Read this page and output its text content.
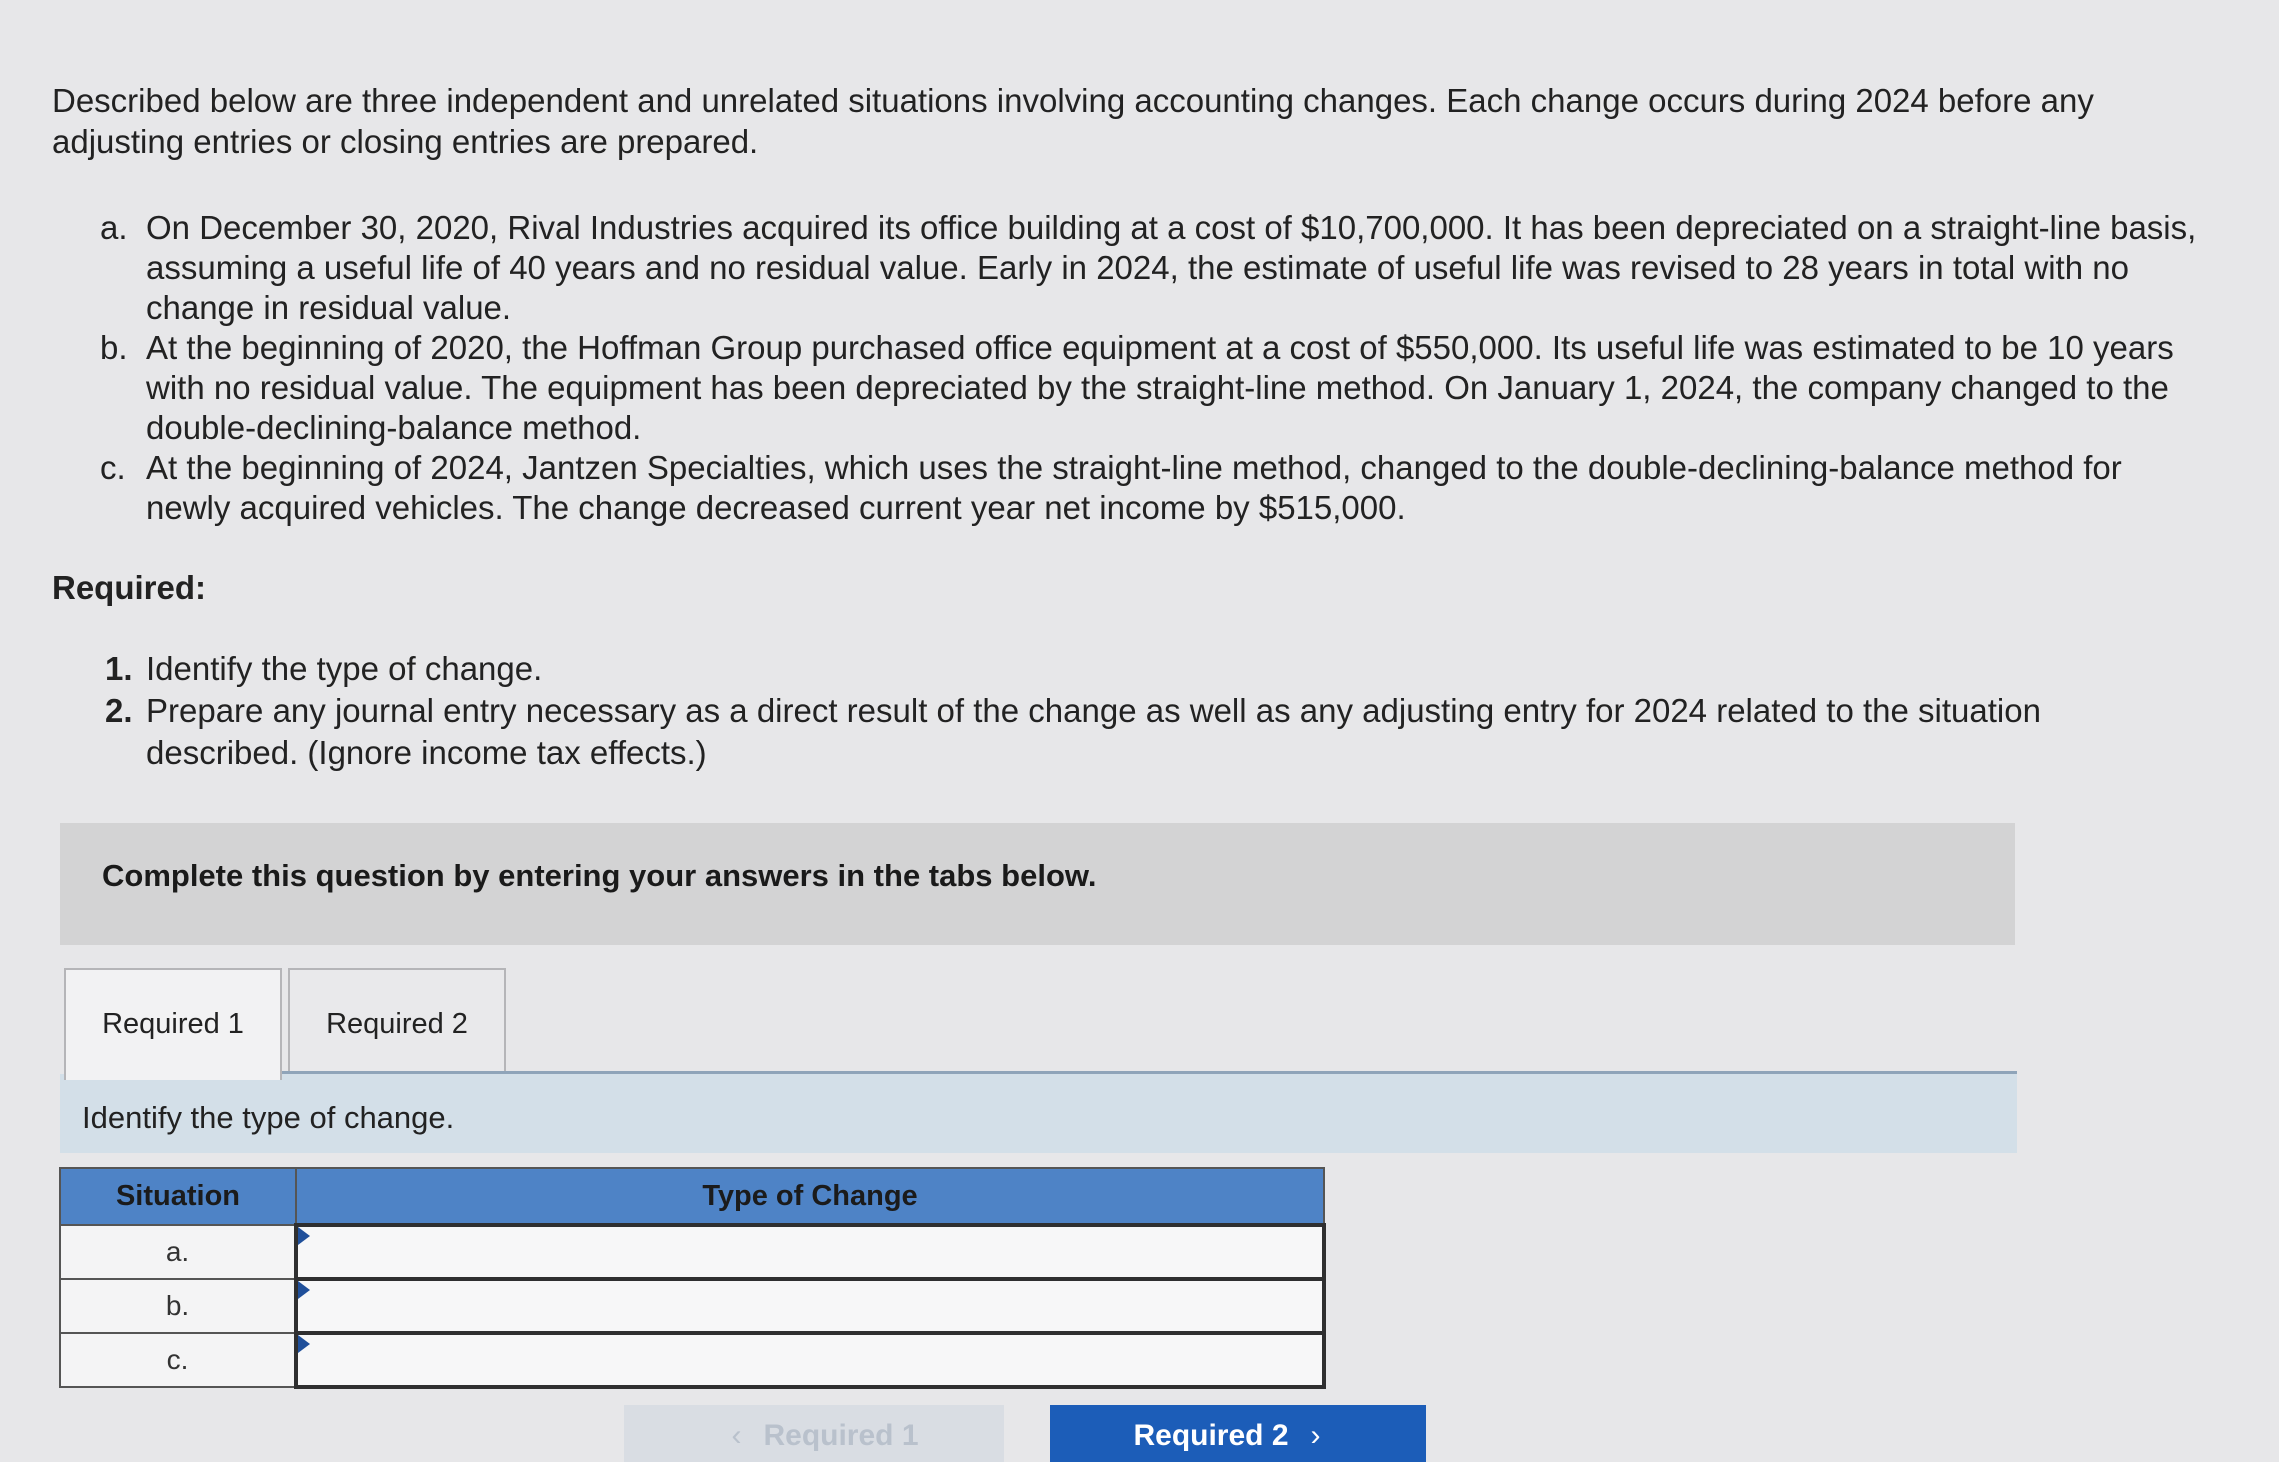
Described below are three independent and unrelated situations involving accounting changes. Each change occurs during 2024 before any adjusting entries or closing entries are prepared.

a. On December 30, 2020, Rival Industries acquired its office building at a cost of $10,700,000. It has been depreciated on a straight-line basis, assuming a useful life of 40 years and no residual value. Early in 2024, the estimate of useful life was revised to 28 years in total with no change in residual value.
b. At the beginning of 2020, the Hoffman Group purchased office equipment at a cost of $550,000. Its useful life was estimated to be 10 years with no residual value. The equipment has been depreciated by the straight-line method. On January 1, 2024, the company changed to the double-declining-balance method.
c. At the beginning of 2024, Jantzen Specialties, which uses the straight-line method, changed to the double-declining-balance method for newly acquired vehicles. The change decreased current year net income by $515,000.

Required:

1. Identify the type of change.
2. Prepare any journal entry necessary as a direct result of the change as well as any adjusting entry for 2024 related to the situation described. (Ignore income tax effects.)
Complete this question by entering your answers in the tabs below.
Required 1	Required 2
Identify the type of change.
Situation	Type of Change
a.	

b.	

c.	
‹ Required 1	Required 2 ›
